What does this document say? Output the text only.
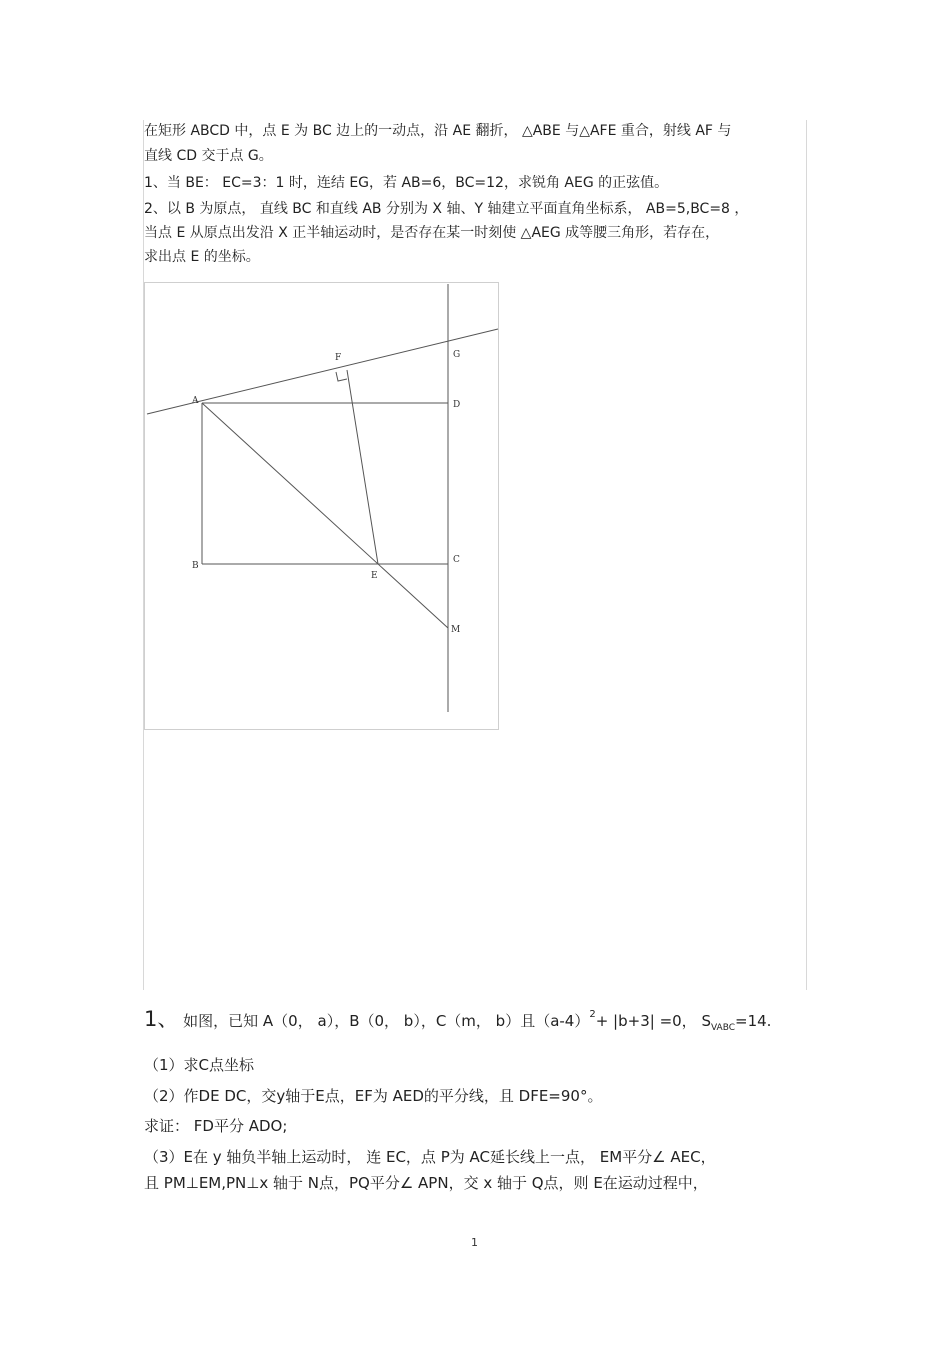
在矩形 ABCD 中，点 E 为 BC 边上的一动点，沿 AE 翻折， △ABE 与△AFE 重合，射线 AF 与
直线 CD 交于点 G。
1、当 BE： EC=3：1 时，连结 EG，若 AB=6，BC=12，求锐角 AEG 的正弦值。
2、以 B 为原点， 直线 BC 和直线 AB 分别为 X 轴、Y 轴建立平面直角坐标系， AB=5,BC=8 ，
当点 E 从原点出发沿 X 正半轴运动时，是否存在某一时刻使 △AEG 成等腰三角形，若存在，
求出点 E 的坐标。
A
B
C
D
E
F	G
M
1、 如图，已知 A（0， a），B（0， b），C（m， b）且$(a-4)^2+ |b+3| =0$， $S_{VABC}=14$.
（1）求C点坐标
（2）作DE DC，交y轴于E点，EF为 AED的平分线，且 DFE=90°。
求证： FD平分 ADO;
（3）E在 y 轴负半轴上运动时， 连 EC，点 P为 AC延长线上一点， EM平分∠ AEC，
且 PM⊥EM,PN⊥x 轴于 N点，PQ平分∠ APN，交 x 轴于 Q点，则 E在运动过程中，
1
